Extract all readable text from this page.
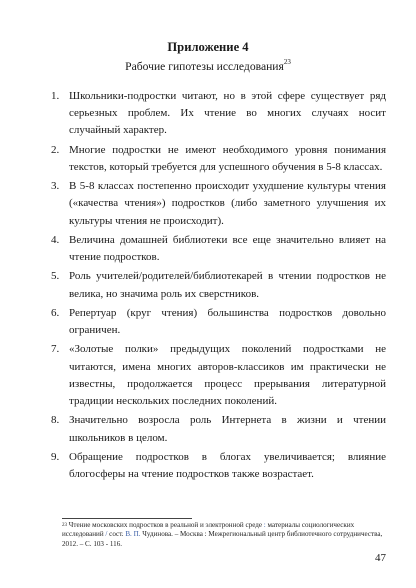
Приложение 4
Рабочие гипотезы исследования$^{23}$
1. Школьники-подростки читают, но в этой сфере существует ряд серьезных проблем. Их чтение во многих случаях носит случайный характер.
2. Многие подростки не имеют необходимого уровня понимания текстов, который требуется для успешного обучения в 5-8 классах.
3. В 5-8 классах постепенно происходит ухудшение культуры чтения («качества чтения») подростков (либо заметного улучшения их культуры чтения не происходит).
4. Величина домашней библиотеки все еще значительно влияет на чтение подростков.
5. Роль учителей/родителей/библиотекарей в чтении подростков не велика, но значима роль их сверстников.
6. Репертуар (круг чтения) большинства подростков довольно ограничен.
7. «Золотые полки» предыдущих поколений подростками не читаются, имена многих авторов-классиков им практически не известны, продолжается процесс прерывания литературной традиции нескольких последних поколений.
8. Значительно возросла роль Интернета в жизни и чтении школьников в целом.
9. Обращение подростков в блогах увеличивается; влияние блогосферы на чтение подростков также возрастает.
$^{23}$ Чтение московских подростков в реальной и электронной среде : материалы социологических исследований / сост. В. П. Чудинова. – Москва : Межрегиональный центр библиотечного сотрудничества, 2012. – С. 103 - 116.
47
